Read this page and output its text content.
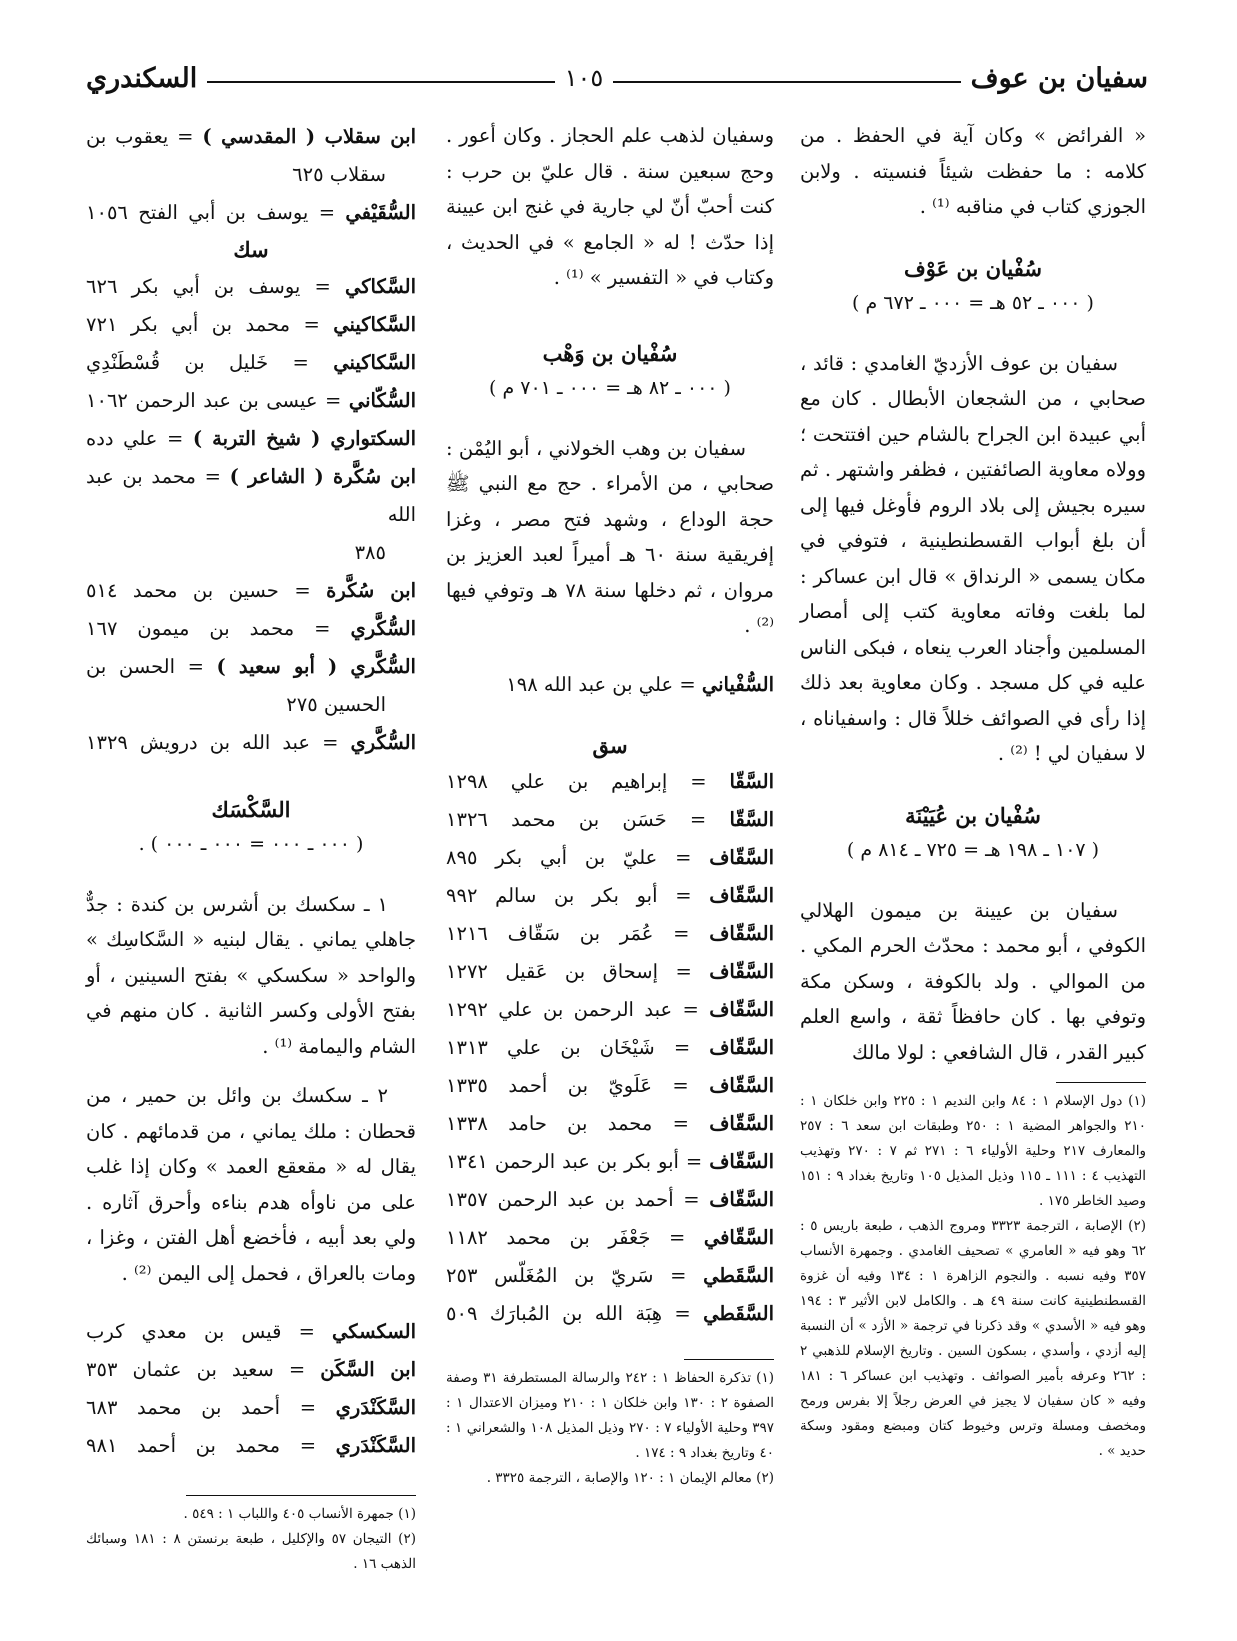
سفيان بن عوف
١٠٥
السكندري
« الفرائض » وكان آية في الحفظ . من كلامه : ما حفظت شيئاً فنسيته . ولابن الجوزي كتاب في مناقبه ⁽¹⁾ .
سُفْيان بن عَوْف
( ٠٠٠ ـ ٥٢ هـ = ٠٠٠ ـ ٦٧٢ م )
سفيان بن عوف الأزديّ الغامدي : قائد ، صحابي ، من الشجعان الأبطال . كان مع أبي عبيدة ابن الجراح بالشام حين افتتحت ؛ وولاه معاوية الصائفتين ، فظفر واشتهر . ثم سيره بجيش إلى بلاد الروم فأوغل فيها إلى أن بلغ أبواب القسطنطينية ، فتوفي في مكان يسمى « الرنداق » قال ابن عساكر : لما بلغت وفاته معاوية كتب إلى أمصار المسلمين وأجناد العرب ينعاه ، فبكى الناس عليه في كل مسجد . وكان معاوية بعد ذلك إذا رأى في الصوائف خللاً قال : واسفياناه ، لا سفيان لي ! ⁽²⁾ .
سُفْيان بن عُيَيْنَة
( ١٠٧ ـ ١٩٨ هـ = ٧٢٥ ـ ٨١٤ م )
سفيان بن عيينة بن ميمون الهلالي الكوفي ، أبو محمد : محدّث الحرم المكي . من الموالي . ولد بالكوفة ، وسكن مكة وتوفي بها . كان حافظاً ثقة ، واسع العلم كبير القدر ، قال الشافعي : لولا مالك

(١) دول الإسلام ١ : ٨٤ وابن النديم ١ : ٢٢٥ وابن خلكان ١ : ٢١٠ والجواهر المضية ١ : ٢٥٠ وطبقات ابن سعد ٦ : ٢٥٧ والمعارف ٢١٧ وحلية الأولياء ٦ : ٢٧١ ثم ٧ : ٢٧٠ وتهذيب التهذيب ٤ : ١١١ ـ ١١٥ وذيل المذيل ١٠٥ وتاريخ بغداد ٩ : ١٥١ وصيد الخاطر ١٧٥ .

(٢) الإصابة ، الترجمة ٣٣٢٣ ومروج الذهب ، طبعة باريس ٥ : ٦٢ وهو فيه « العامري » تصحيف الغامدي . وجمهرة الأنساب ٣٥٧ وفيه نسبه . والنجوم الزاهرة ١ : ١٣٤ وفيه أن غزوة القسطنطينية كانت سنة ٤٩ هـ . والكامل لابن الأثير ٣ : ١٩٤ وهو فيه « الأسدي » وقد ذكرنا في ترجمة « الأزد » أن النسبة إليه أزدي ، وأسدي ، بسكون السين . وتاريخ الإسلام للذهبي ٢ : ٢٦٢ وعرفه بأمير الصوائف . وتهذيب ابن عساكر ٦ : ١٨١ وفيه « كان سفيان لا يجيز في العرض رجلاً إلا بفرس ورمح ومخصف ومسلة وترس وخيوط كتان ومبضع ومقود وسكة حديد » .

وسفيان لذهب علم الحجاز . وكان أعور . وحج سبعين سنة . قال عليّ بن حرب : كنت أحبّ أنّ لي جارية في غنج ابن عيينة إذا حدّث ! له « الجامع » في الحديث ، وكتاب في « التفسير » ⁽¹⁾ .
سُفْيان بن وَهْب
( ٠٠٠ ـ ٨٢ هـ = ٠٠٠ ـ ٧٠١ م )
سفيان بن وهب الخولاني ، أبو اليُمْن : صحابي ، من الأمراء . حج مع النبي ﷺ حجة الوداع ، وشهد فتح مصر ، وغزا إفريقية سنة ٦٠ هـ أميراً لعبد العزيز بن مروان ، ثم دخلها سنة ٧٨ هـ وتوفي فيها ⁽²⁾ .

السُّفْياني = علي بن عبد الله ١٩٨

سق

السَّقّا = إبراهيم بن علي ١٢٩٨

السَّقّا = حَسَن بن محمد ١٣٢٦

السَّقّاف = عليّ بن أبي بكر ٨٩٥

السَّقّاف = أبو بكر بن سالم ٩٩٢

السَّقّاف = عُمَر بن سَقّاف ١٢١٦

السَّقّاف = إسحاق بن عَقيل ١٢٧٢

السَّقّاف = عبد الرحمن بن علي ١٢٩٢

السَّقّاف = شَيْخَان بن علي ١٣١٣

السَّقّاف = عَلَويّ بن أحمد ١٣٣٥

السَّقّاف = محمد بن حامد ١٣٣٨

السَّقّاف = أبو بكر بن عبد الرحمن ١٣٤١

السَّقّاف = أحمد بن عبد الرحمن ١٣٥٧

السَّقّافي = جَعْفَر بن محمد ١١٨٢

السَّقَطي = سَريّ بن المُغَلّس ٢٥٣

السَّقَطي = هِبَة الله بن المُبارَك ٥٠٩

(١) تذكرة الحفاظ ١ : ٢٤٢ والرسالة المستطرفة ٣١ وصفة الصفوة ٢ : ١٣٠ وابن خلكان ١ : ٢١٠ وميزان الاعتدال ١ : ٣٩٧ وحلية الأولياء ٧ : ٢٧٠ وذيل المذيل ١٠٨ والشعراني ١ : ٤٠ وتاريخ بغداد ٩ : ١٧٤ .

(٢) معالم الإيمان ١ : ١٢٠ والإصابة ، الترجمة ٣٣٢٥ .

ابن سقلاب ( المقدسي ) = يعقوب بن

سقلاب ٦٢٥

السُّقَيْفي = يوسف بن أبي الفتح ١٠٥٦

سك

السَّكاكي = يوسف بن أبي بكر ٦٢٦

السَّكاكيني = محمد بن أبي بكر ٧٢١

السَّكاكيني = خَليل بن قُسْطَنْدِي

السُّكّاني = عيسى بن عبد الرحمن ١٠٦٢

السكتواري ( شيخ التربة ) = علي دده

ابن سُكَّرة ( الشاعر ) = محمد بن عبد الله

٣٨٥

ابن سُكَّرة = حسين بن محمد ٥١٤

السُّكَّري = محمد بن ميمون ١٦٧

السُّكَّري ( أبو سعيد ) = الحسن بن

الحسين ٢٧٥

السُّكَّري = عبد الله بن درويش ١٣٢٩

السَّكْسَك
( ٠٠٠ ـ ٠٠٠ = ٠٠٠ ـ ٠٠٠ ) .
١ ـ سكسك بن أشرس بن كندة : جدٌّ جاهلي يماني . يقال لبنيه « السَّكاسِك » والواحد « سكسكي » بفتح السينين ، أو بفتح الأولى وكسر الثانية . كان منهم في الشام واليمامة ⁽¹⁾ .
٢ ـ سكسك بن وائل بن حمير ، من قحطان : ملك يماني ، من قدمائهم . كان يقال له « مقعقع العمد » وكان إذا غلب على من ناوأه هدم بناءه وأحرق آثاره . ولي بعد أبيه ، فأخضع أهل الفتن ، وغزا ، ومات بالعراق ، فحمل إلى اليمن ⁽²⁾ .

السكسكي = قيس بن معدي كرب

ابن السَّكَن = سعيد بن عثمان ٣٥٣

السَّكَنْدَري = أحمد بن محمد ٦٨٣

السَّكَنْدَري = محمد بن أحمد ٩٨١

(١) جمهرة الأنساب ٤٠٥ واللباب ١ : ٥٤٩ .

(٢) التيجان ٥٧ والإكليل ، طبعة برنستن ٨ : ١٨١ وسبائك الذهب ١٦ .
